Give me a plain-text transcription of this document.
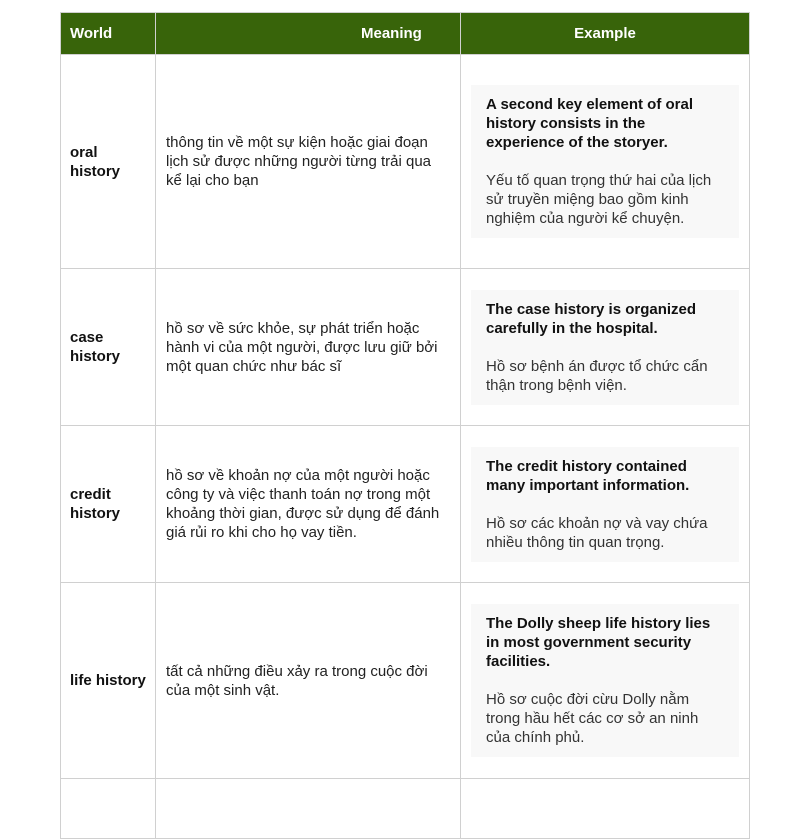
World	Meaning	Example
oral history	thông tin về một sự kiện hoặc giai đoạn lịch sử được những người từng trải qua kể lại cho bạn	A second key element of oral history consists in the experience of the storyer.
Yếu tố quan trọng thứ hai của lịch sử truyền miệng bao gồm kinh nghiệm của người kể chuyện.

case history	hồ sơ về sức khỏe, sự phát triển hoặc hành vi của một người, được lưu giữ bởi một quan chức như bác sĩ	The case history is organized carefully in the hospital.
Hồ sơ bệnh án được tổ chức cẩn thận trong bệnh viện.

credit history	hồ sơ về khoản nợ của một người hoặc công ty và việc thanh toán nợ trong một khoảng thời gian, được sử dụng để đánh giá rủi ro khi cho họ vay tiền.	The credit history contained many important information.
Hồ sơ các khoản nợ và vay chứa nhiều thông tin quan trọng.

life history	tất cả những điều xảy ra trong cuộc đời của một sinh vật.	The Dolly sheep life history lies in most government security facilities.
Hồ sơ cuộc đời cừu Dolly nằm trong hầu hết các cơ sở an ninh của chính phủ.
